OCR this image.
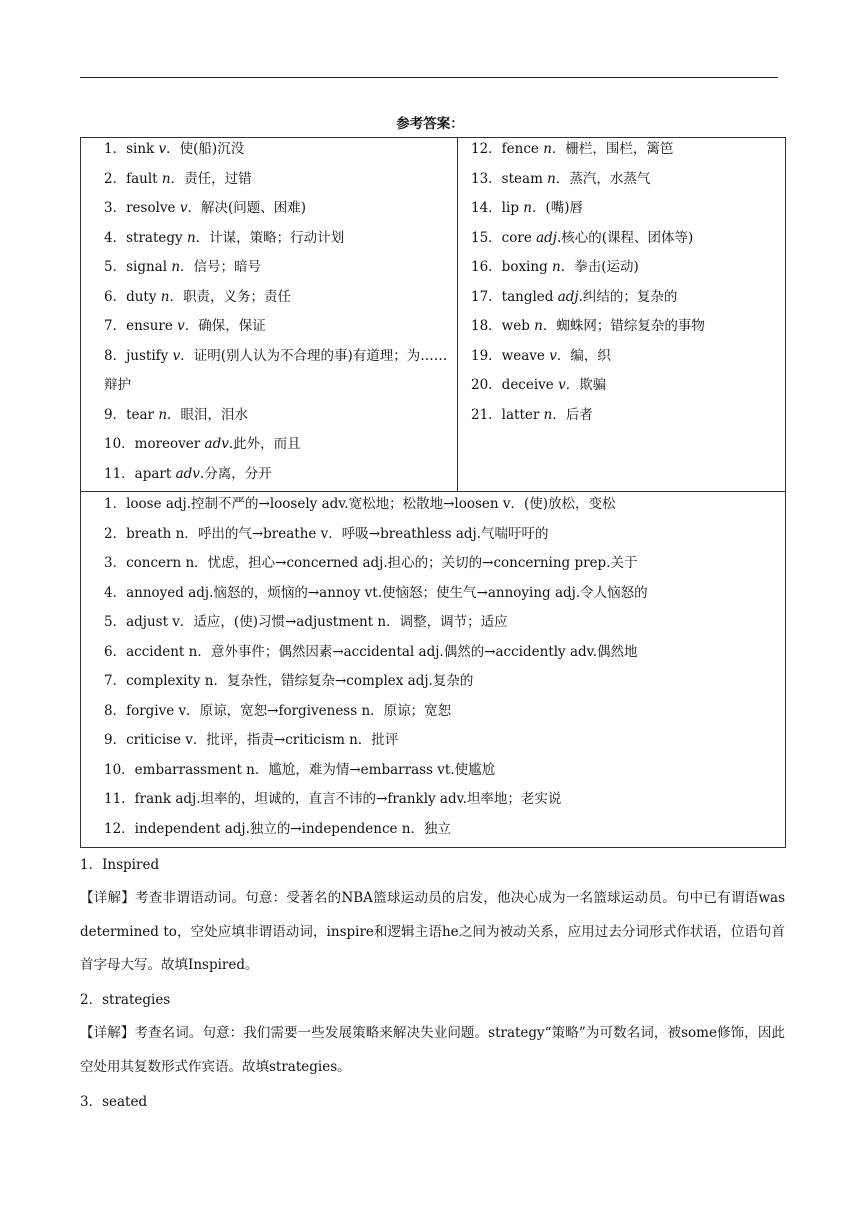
参考答案：
1．sink v．使(船)沉没
2．fault n．责任，过错
3．resolve v．解决(问题、困难)
4．strategy n．计谋，策略；行动计划
5．signal n．信号；暗号
6．duty n．职责，义务；责任
7．ensure v．确保，保证
8．justify v．证明(别人认为不合理的事)有道理；为……
辩护
9．tear n．眼泪，泪水
10．moreover adv.此外，而且
11．apart adv.分离，分开
12．fence n．栅栏，围栏，篱笆
13．steam n．蒸汽，水蒸气
14．lip n．(嘴)唇
15．core adj.核心的(课程、团体等)
16．boxing n．拳击(运动)
17．tangled adj.纠结的；复杂的
18．web n．蜘蛛网；错综复杂的事物
19．weave v．编，织
20．deceive v．欺骗
21．latter n．后者
1．loose adj.控制不严的→loosely adv.宽松地；松散地→loosen v．(使)放松，变松
2．breath n．呼出的气→breathe v．呼吸→breathless adj.气喘吁吁的
3．concern n．忧虑，担心→concerned adj.担心的；关切的→concerning prep.关于
4．annoyed adj.恼怒的，烦恼的→annoy vt.使恼怒；使生气→annoying adj.令人恼怒的
5．adjust v．适应，(使)习惯→adjustment n．调整，调节；适应
6．accident n．意外事件；偶然因素→accidental adj.偶然的→accidently adv.偶然地
7．complexity n．复杂性，错综复杂→complex adj.复杂的
8．forgive v．原谅，宽恕→forgiveness n．原谅；宽恕
9．criticise v．批评，指责→criticism n．批评
10．embarrassment n．尴尬，难为情→embarrass vt.使尴尬
11．frank adj.坦率的，坦诚的，直言不讳的→frankly adv.坦率地；老实说
12．independent adj.独立的→independence n．独立
1．Inspired
【详解】考查非谓语动词。句意：受著名的NBA篮球运动员的启发，他决心成为一名篮球运动员。句中已有谓语was determined to，空处应填非谓语动词，inspire和逻辑主语he之间为被动关系，应用过去分词形式作状语，位语句首首字母大写。故填Inspired。
2．strategies
【详解】考查名词。句意：我们需要一些发展策略来解决失业问题。strategy“策略”为可数名词，被some修饰，因此空处用其复数形式作宾语。故填strategies。
3．seated
